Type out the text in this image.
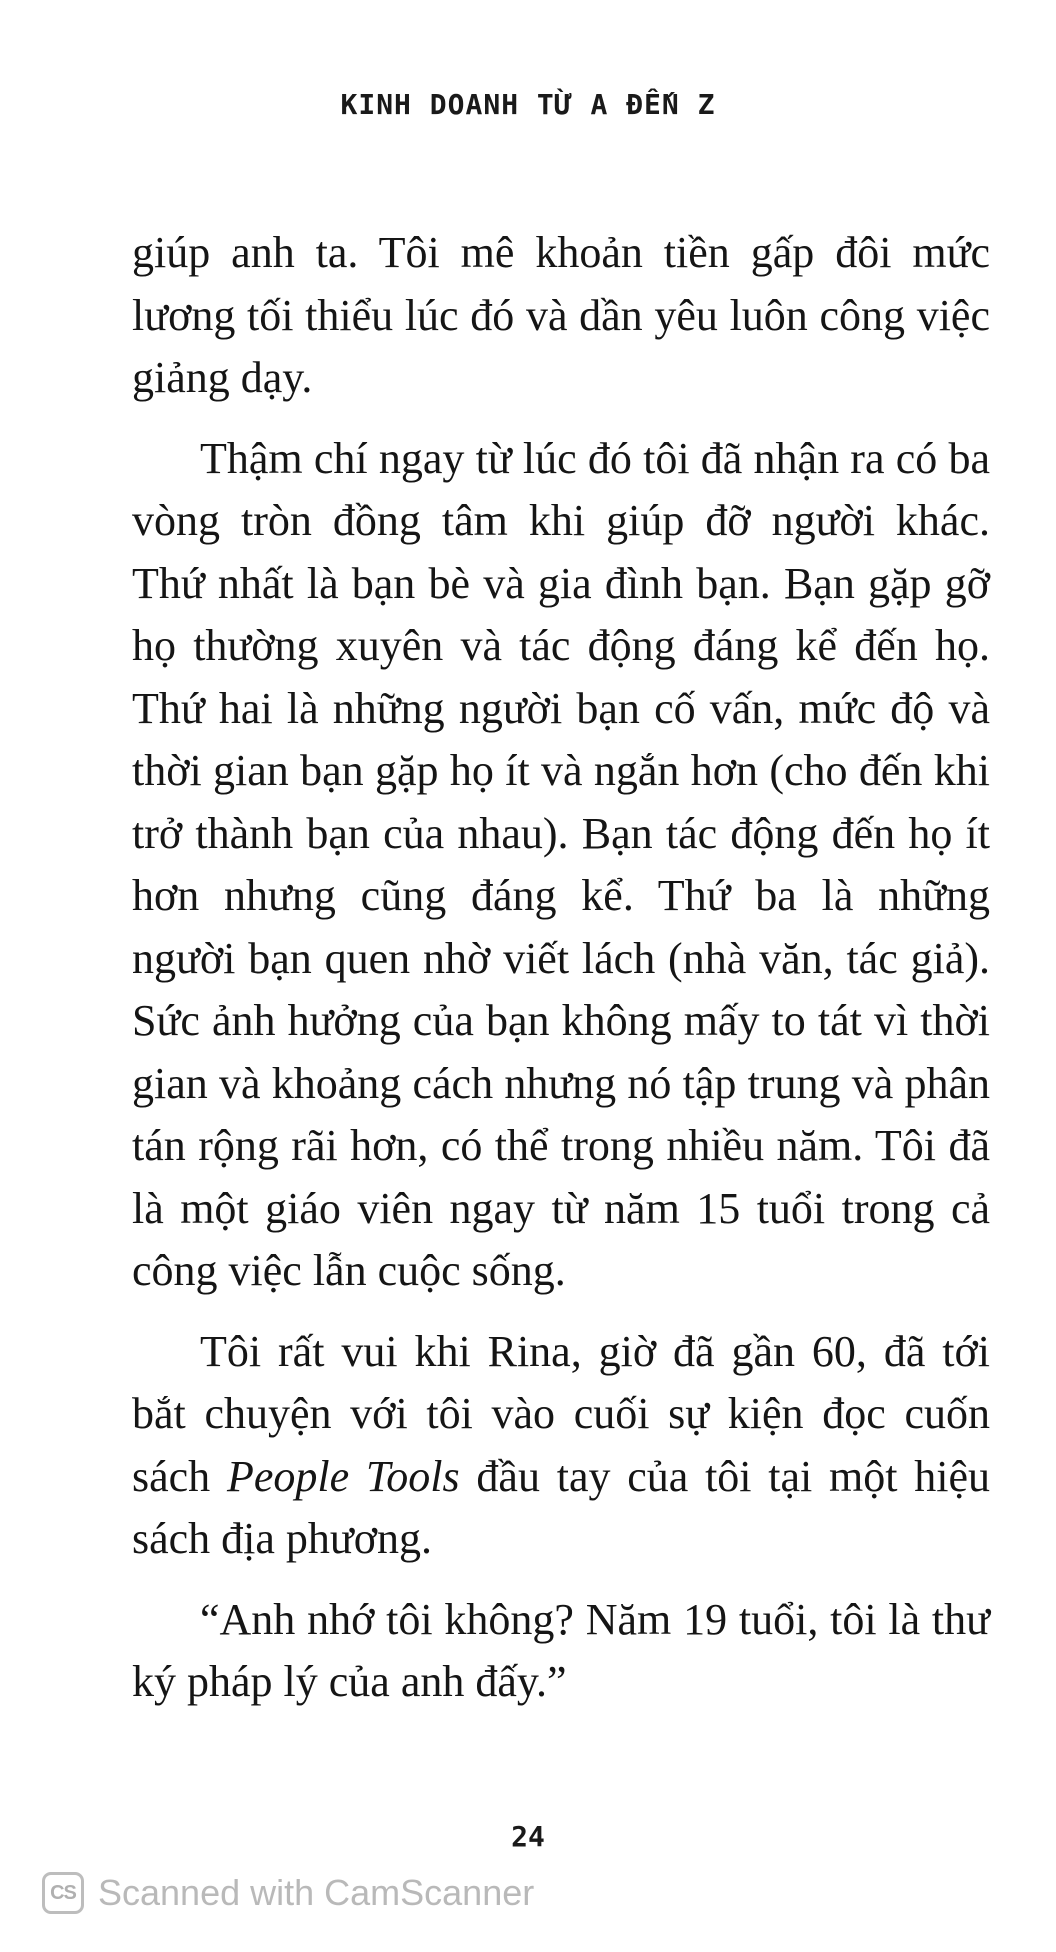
KINH DOANH TỪ A ĐẾN Z

giúp anh ta. Tôi mê khoản tiền gấp đôi mức lương tối thiểu lúc đó và dần yêu luôn công việc giảng dạy.

Thậm chí ngay từ lúc đó tôi đã nhận ra có ba vòng tròn đồng tâm khi giúp đỡ người khác. Thứ nhất là bạn bè và gia đình bạn. Bạn gặp gỡ họ thường xuyên và tác động đáng kể đến họ. Thứ hai là những người bạn cố vấn, mức độ và thời gian bạn gặp họ ít và ngắn hơn (cho đến khi trở thành bạn của nhau). Bạn tác động đến họ ít hơn nhưng cũng đáng kể. Thứ ba là những người bạn quen nhờ viết lách (nhà văn, tác giả). Sức ảnh hưởng của bạn không mấy to tát vì thời gian và khoảng cách nhưng nó tập trung và phân tán rộng rãi hơn, có thể trong nhiều năm. Tôi đã là một giáo viên ngay từ năm 15 tuổi trong cả công việc lẫn cuộc sống.

Tôi rất vui khi Rina, giờ đã gần 60, đã tới bắt chuyện với tôi vào cuối sự kiện đọc cuốn sách People Tools đầu tay của tôi tại một hiệu sách địa phương.

“Anh nhớ tôi không? Năm 19 tuổi, tôi là thư ký pháp lý của anh đấy.”

24
CS Scanned with CamScanner
